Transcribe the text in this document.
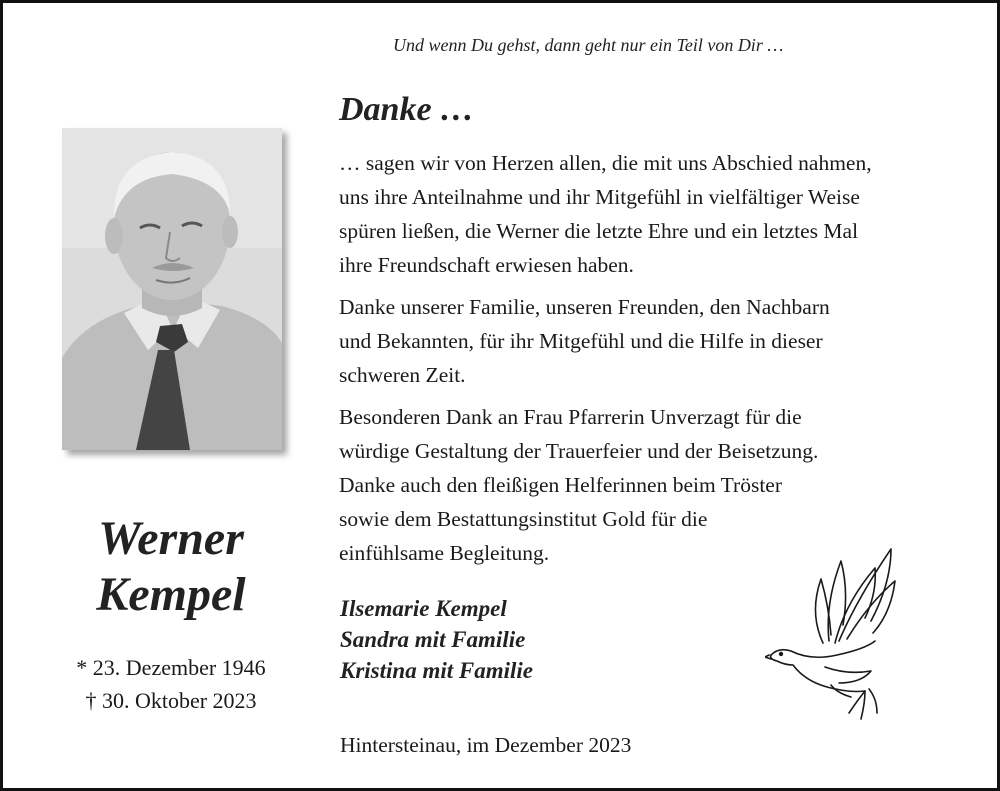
Und wenn Du gehst, dann geht nur ein Teil von Dir …
Danke …
… sagen wir von Herzen allen, die mit uns Abschied nahmen,
uns ihre Anteilnahme und ihr Mitgefühl in vielfältiger Weise
spüren ließen, die Werner die letzte Ehre und ein letztes Mal
ihre Freundschaft erwiesen haben.
Danke unserer Familie, unseren Freunden, den Nachbarn
und Bekannten, für ihr Mitgefühl und die Hilfe in dieser
schweren Zeit.
Besonderen Dank an Frau Pfarrerin Unverzagt für die
würdige Gestaltung der Trauerfeier und der Beisetzung.
Danke auch den fleißigen Helferinnen beim Tröster
sowie dem Bestattungsinstitut Gold für die
einfühlsame Begleitung.
Werner
Kempel
* 23. Dezember 1946
† 30. Oktober 2023
Ilsemarie Kempel
Sandra mit Familie
Kristina mit Familie
Hintersteinau, im Dezember 2023
